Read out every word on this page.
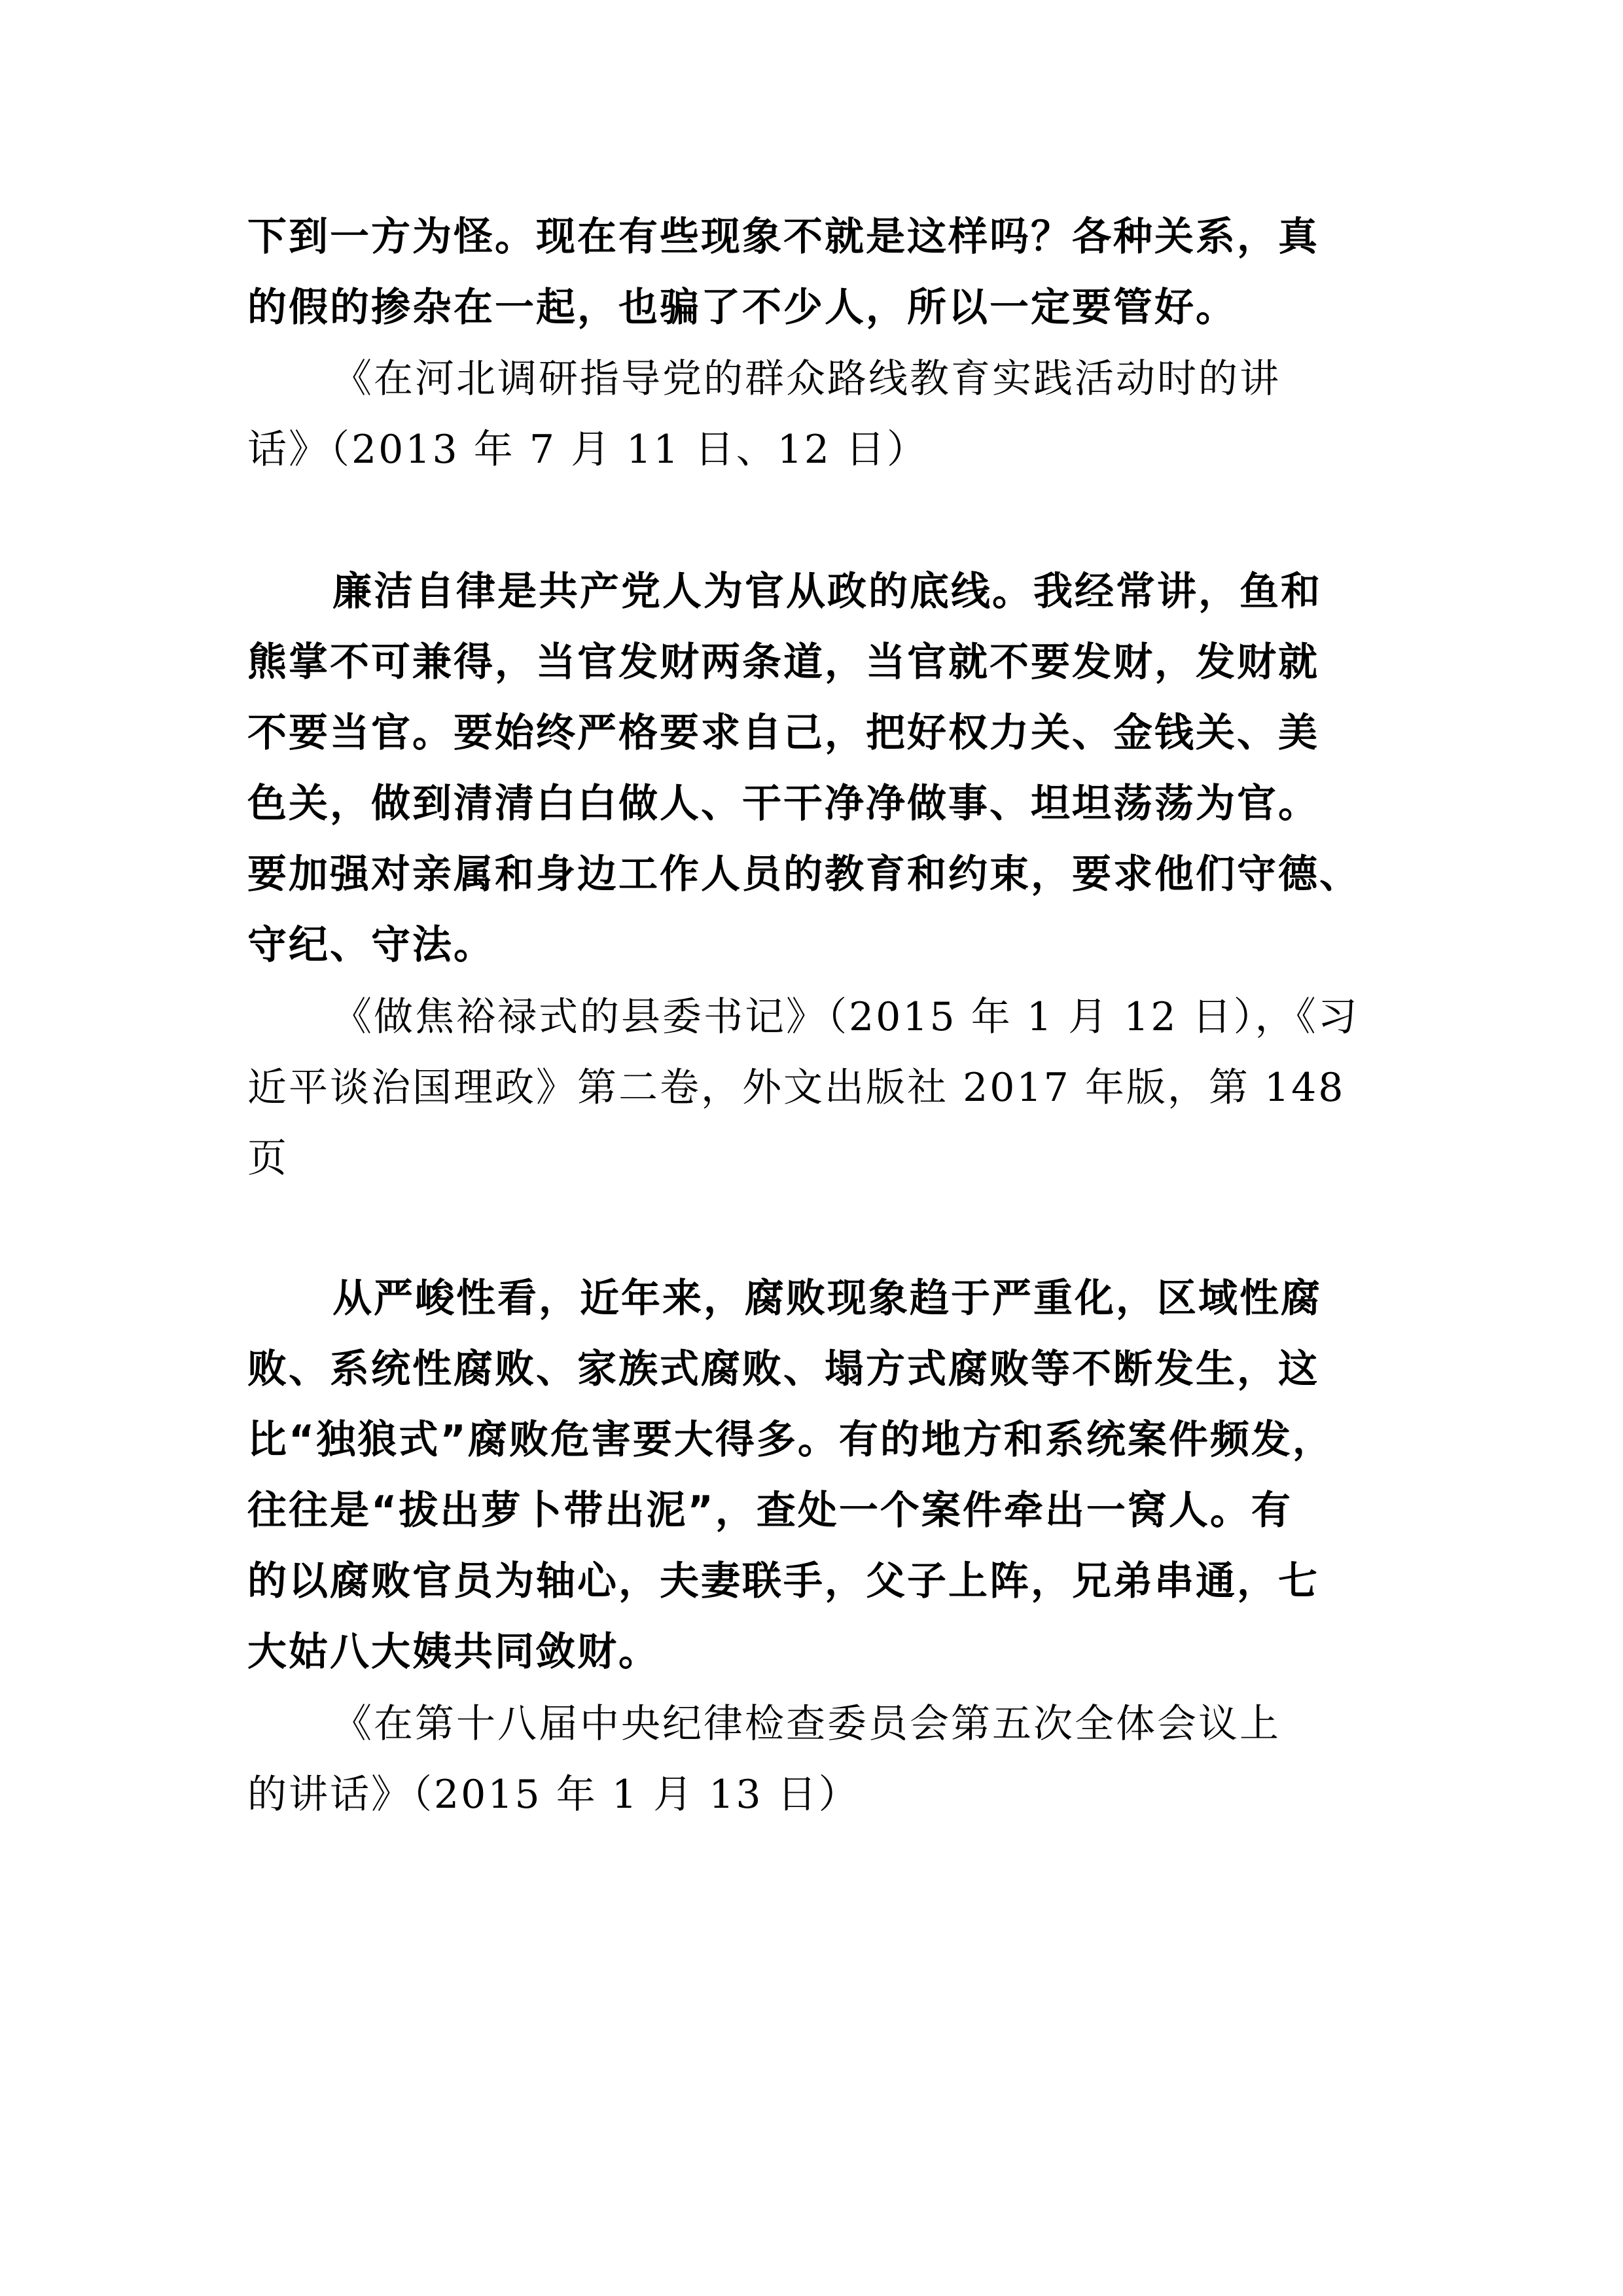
下到一方为怪。现在有些现象不就是这样吗？各种关系，真
的假的掺杂在一起，也骗了不少人，所以一定要管好。
《在河北调研指导党的群众路线教育实践活动时的讲
话》（2013 年 7 月 11 日、12 日）
廉洁自律是共产党人为官从政的底线。我经常讲，鱼和
熊掌不可兼得，当官发财两条道，当官就不要发财，发财就
不要当官。要始终严格要求自己，把好权力关、金钱关、美
色关，做到清清白白做人、干干净净做事、坦坦荡荡为官。
要加强对亲属和身边工作人员的教育和约束，要求他们守德、
守纪、守法。
《做焦裕禄式的县委书记》（2015 年 1 月 12 日），《习
近平谈治国理政》第二卷，外文出版社 2017 年版，第 148
页
从严峻性看，近年来，腐败现象趋于严重化，区域性腐
败、系统性腐败、家族式腐败、塌方式腐败等不断发生，这
比“独狼式”腐败危害要大得多。有的地方和系统案件频发，
往往是“拔出萝卜带出泥”，查处一个案件牵出一窝人。有
的以腐败官员为轴心，夫妻联手，父子上阵，兄弟串通，七
大姑八大姨共同敛财。
《在第十八届中央纪律检查委员会第五次全体会议上
的讲话》（2015 年 1 月 13 日）
